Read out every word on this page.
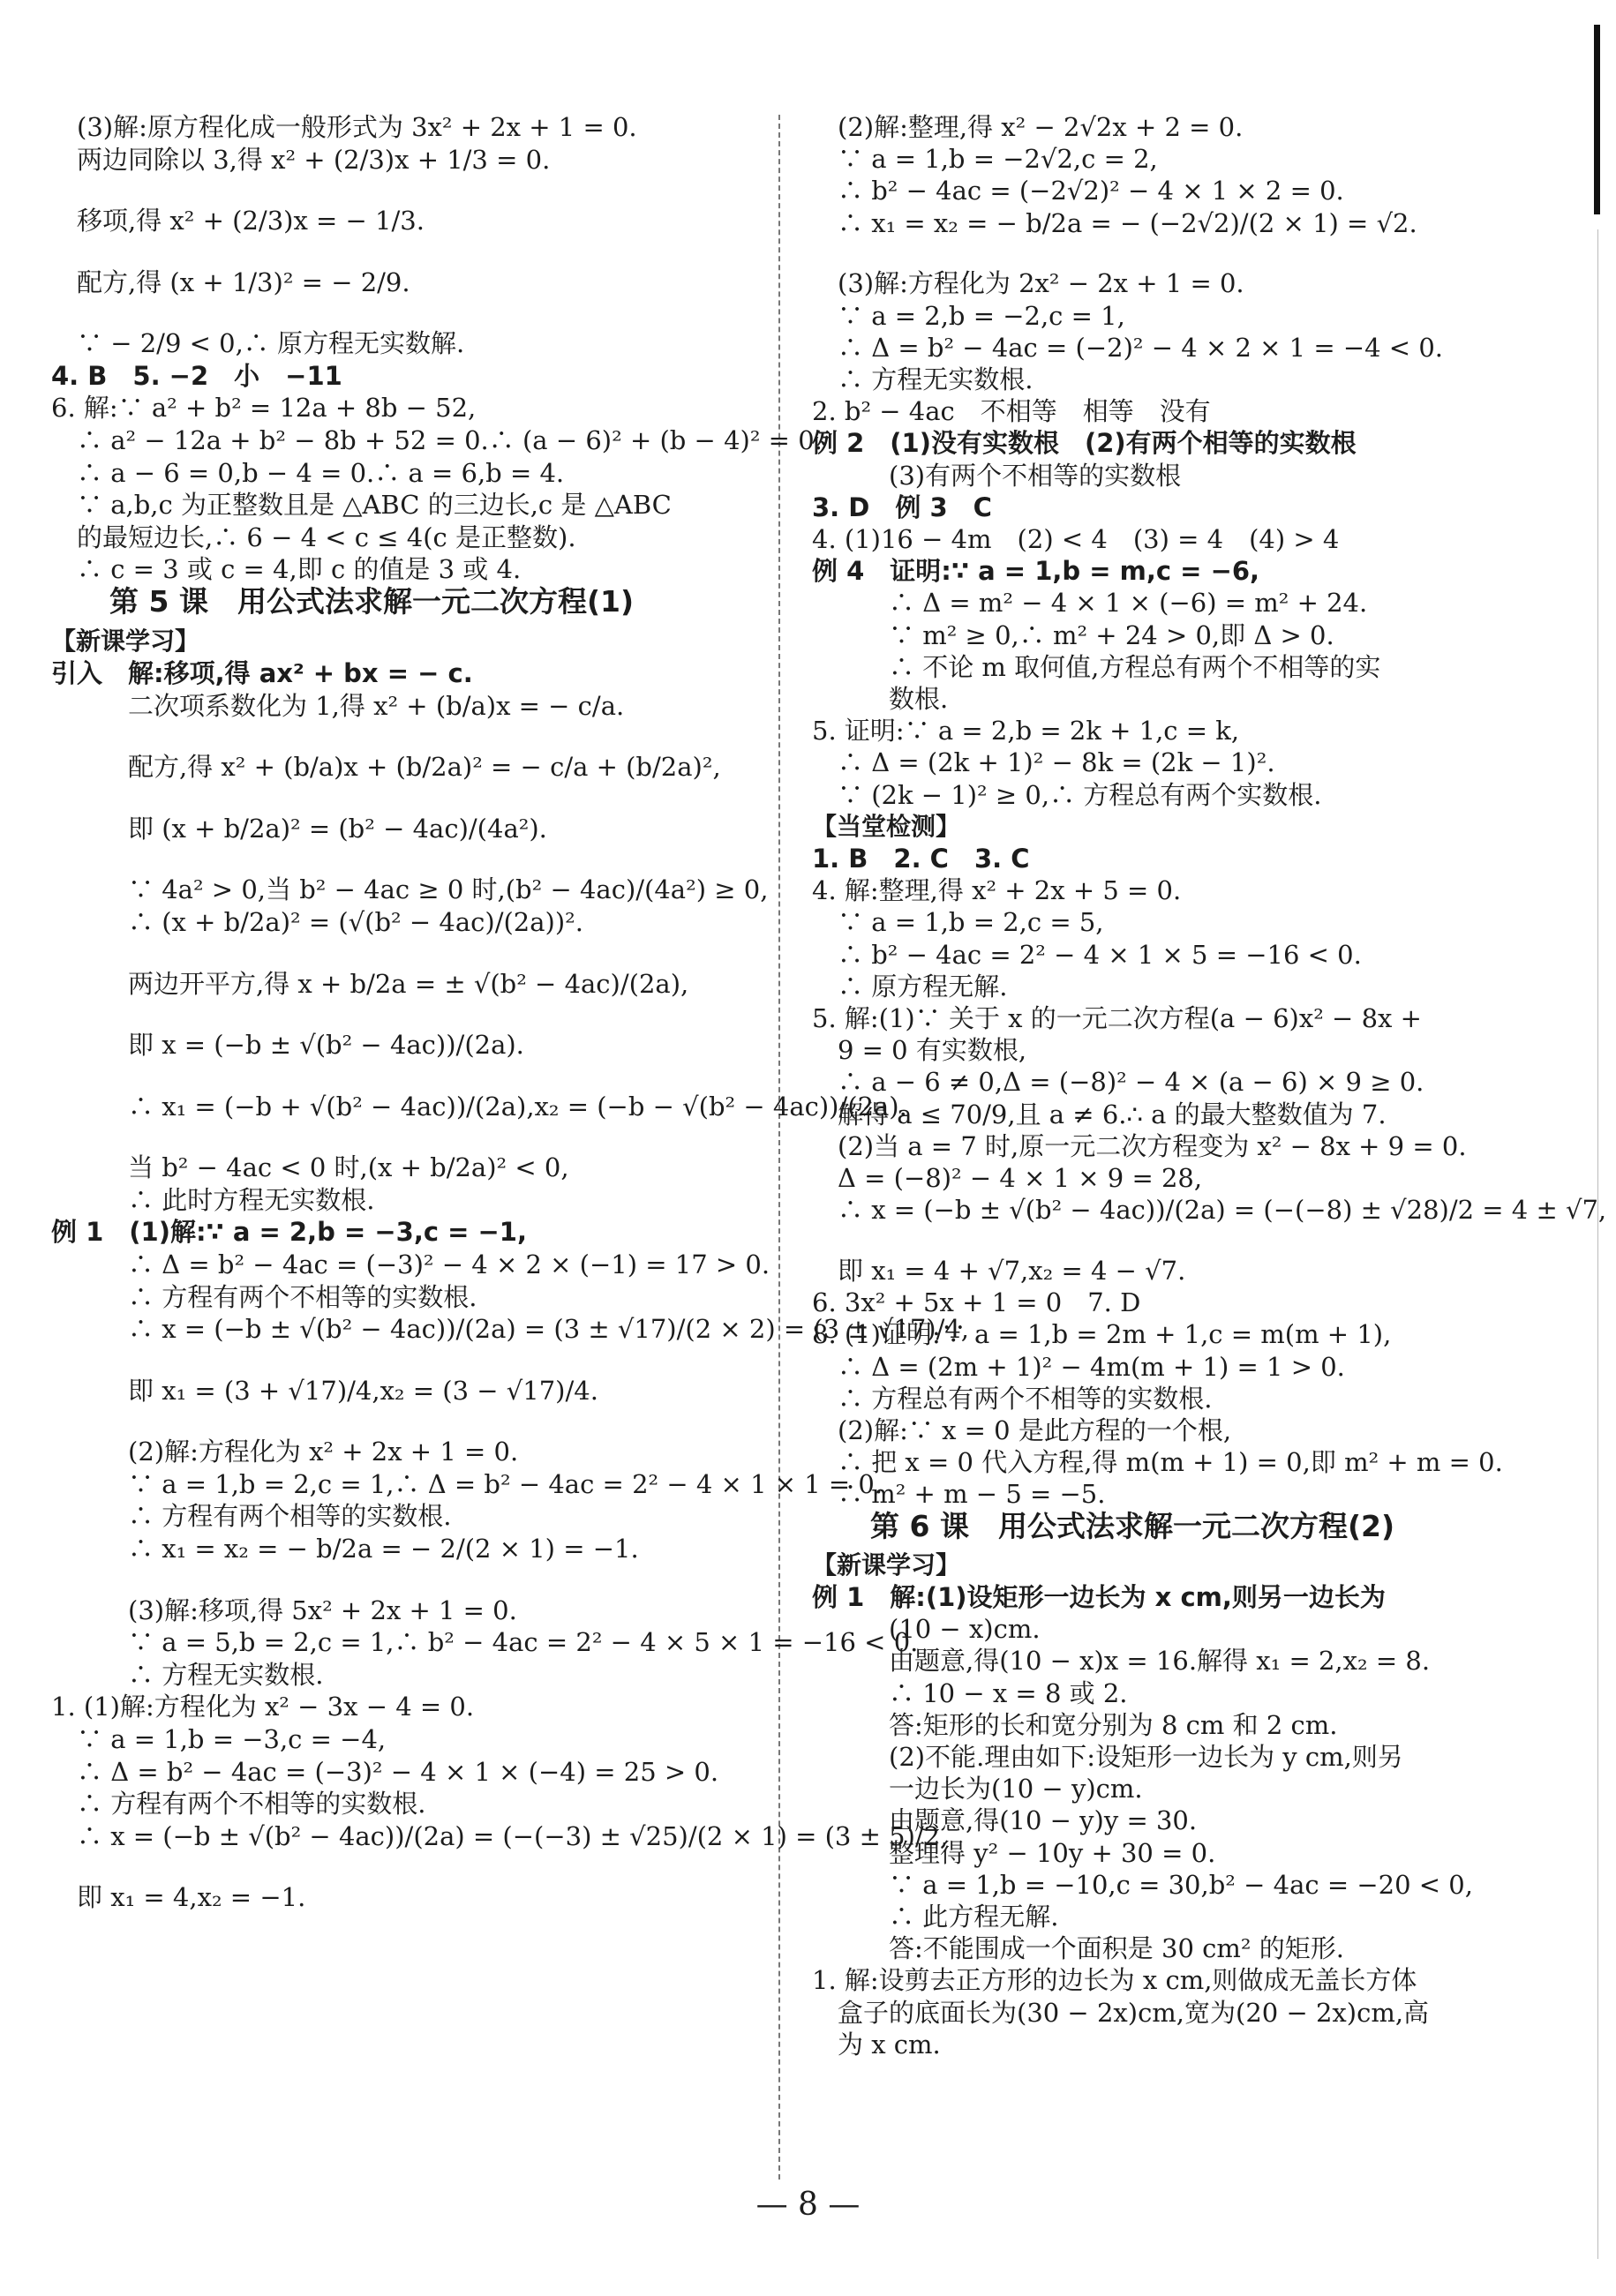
　(3)解:原方程化成一般形式为 3x² + 2x + 1 = 0.
　两边同除以 3,得 x² + (2/3)x + 1/3 = 0.
　移项,得 x² + (2/3)x = − 1/3.
　配方,得 (x + 1/3)² = − 2/9.
　∵ − 2/9 < 0,∴ 原方程无实数解.
4. B　5. −2　小　−11
6. 解:∵ a² + b² = 12a + 8b − 52,
　∴ a² − 12a + b² − 8b + 52 = 0.∴ (a − 6)² + (b − 4)² = 0.
　∴ a − 6 = 0,b − 4 = 0.∴ a = 6,b = 4.
　∵ a,b,c 为正整数且是 △ABC 的三边长,c 是 △ABC
　的最短边长,∴ 6 − 4 < c ≤ 4(c 是正整数).
　∴ c = 3 或 c = 4,即 c 的值是 3 或 4.
　　第 5 课　用公式法求解一元二次方程(1)
【新课学习】
引入　解:移项,得 ax² + bx = − c.
　　　二次项系数化为 1,得 x² + (b/a)x = − c/a.
　　　配方,得 x² + (b/a)x + (b/2a)² = − c/a + (b/2a)²,
　　　即 (x + b/2a)² = (b² − 4ac)/(4a²).
　　　∵ 4a² > 0,当 b² − 4ac ≥ 0 时,(b² − 4ac)/(4a²) ≥ 0,
　　　∴ (x + b/2a)² = (√(b² − 4ac)/(2a))².
　　　两边开平方,得 x + b/2a = ± √(b² − 4ac)/(2a),
　　　即 x = (−b ± √(b² − 4ac))/(2a).
　　　∴ x₁ = (−b + √(b² − 4ac))/(2a),x₂ = (−b − √(b² − 4ac))/(2a).
　　　当 b² − 4ac < 0 时,(x + b/2a)² < 0,
　　　∴ 此时方程无实数根.
例 1　(1)解:∵ a = 2,b = −3,c = −1,
　　　∴ Δ = b² − 4ac = (−3)² − 4 × 2 × (−1) = 17 > 0.
　　　∴ 方程有两个不相等的实数根.
　　　∴ x = (−b ± √(b² − 4ac))/(2a) = (3 ± √17)/(2 × 2) = (3 ± √17)/4,
　　　即 x₁ = (3 + √17)/4,x₂ = (3 − √17)/4.
　　　(2)解:方程化为 x² + 2x + 1 = 0.
　　　∵ a = 1,b = 2,c = 1,∴ Δ = b² − 4ac = 2² − 4 × 1 × 1 = 0.
　　　∴ 方程有两个相等的实数根.
　　　∴ x₁ = x₂ = − b/2a = − 2/(2 × 1) = −1.
　　　(3)解:移项,得 5x² + 2x + 1 = 0.
　　　∵ a = 5,b = 2,c = 1,∴ b² − 4ac = 2² − 4 × 5 × 1 = −16 < 0.
　　　∴ 方程无实数根.
1. (1)解:方程化为 x² − 3x − 4 = 0.
　∵ a = 1,b = −3,c = −4,
　∴ Δ = b² − 4ac = (−3)² − 4 × 1 × (−4) = 25 > 0.
　∴ 方程有两个不相等的实数根.
　∴ x = (−b ± √(b² − 4ac))/(2a) = (−(−3) ± √25)/(2 × 1) = (3 ± 5)/2,
　即 x₁ = 4,x₂ = −1.
　(2)解:整理,得 x² − 2√2x + 2 = 0.
　∵ a = 1,b = −2√2,c = 2,
　∴ b² − 4ac = (−2√2)² − 4 × 1 × 2 = 0.
　∴ x₁ = x₂ = − b/2a = − (−2√2)/(2 × 1) = √2.
　(3)解:方程化为 2x² − 2x + 1 = 0.
　∵ a = 2,b = −2,c = 1,
　∴ Δ = b² − 4ac = (−2)² − 4 × 2 × 1 = −4 < 0.
　∴ 方程无实数根.
2. b² − 4ac　不相等　相等　没有
例 2　(1)没有实数根　(2)有两个相等的实数根
　　　(3)有两个不相等的实数根
3. D　例 3　C
4. (1)16 − 4m　(2) < 4　(3) = 4　(4) > 4
例 4　证明:∵ a = 1,b = m,c = −6,
　　　∴ Δ = m² − 4 × 1 × (−6) = m² + 24.
　　　∵ m² ≥ 0,∴ m² + 24 > 0,即 Δ > 0.
　　　∴ 不论 m 取何值,方程总有两个不相等的实
　　　数根.
5. 证明:∵ a = 2,b = 2k + 1,c = k,
　∴ Δ = (2k + 1)² − 8k = (2k − 1)².
　∵ (2k − 1)² ≥ 0,∴ 方程总有两个实数根.
【当堂检测】
1. B　2. C　3. C
4. 解:整理,得 x² + 2x + 5 = 0.
　∵ a = 1,b = 2,c = 5,
　∴ b² − 4ac = 2² − 4 × 1 × 5 = −16 < 0.
　∴ 原方程无解.
5. 解:(1)∵ 关于 x 的一元二次方程(a − 6)x² − 8x +
　9 = 0 有实数根,
　∴ a − 6 ≠ 0,Δ = (−8)² − 4 × (a − 6) × 9 ≥ 0.
　解得 a ≤ 70/9,且 a ≠ 6.∴ a 的最大整数值为 7.
　(2)当 a = 7 时,原一元二次方程变为 x² − 8x + 9 = 0.
　Δ = (−8)² − 4 × 1 × 9 = 28,
　∴ x = (−b ± √(b² − 4ac))/(2a) = (−(−8) ± √28)/2 = 4 ± √7,
　即 x₁ = 4 + √7,x₂ = 4 − √7.
6. 3x² + 5x + 1 = 0　7. D
8. (1)证明:∵ a = 1,b = 2m + 1,c = m(m + 1),
　∴ Δ = (2m + 1)² − 4m(m + 1) = 1 > 0.
　∴ 方程总有两个不相等的实数根.
　(2)解:∵ x = 0 是此方程的一个根,
　∴ 把 x = 0 代入方程,得 m(m + 1) = 0,即 m² + m = 0.
　∴ m² + m − 5 = −5.
　　第 6 课　用公式法求解一元二次方程(2)
【新课学习】
例 1　解:(1)设矩形一边长为 x cm,则另一边长为
　　　(10 − x)cm.
　　　由题意,得(10 − x)x = 16.解得 x₁ = 2,x₂ = 8.
　　　∴ 10 − x = 8 或 2.
　　　答:矩形的长和宽分别为 8 cm 和 2 cm.
　　　(2)不能.理由如下:设矩形一边长为 y cm,则另
　　　一边长为(10 − y)cm.
　　　由题意,得(10 − y)y = 30.
　　　整理得 y² − 10y + 30 = 0.
　　　∵ a = 1,b = −10,c = 30,b² − 4ac = −20 < 0,
　　　∴ 此方程无解.
　　　答:不能围成一个面积是 30 cm² 的矩形.
1. 解:设剪去正方形的边长为 x cm,则做成无盖长方体
　盒子的底面长为(30 − 2x)cm,宽为(20 − 2x)cm,高
　为 x cm.
— 8 —
